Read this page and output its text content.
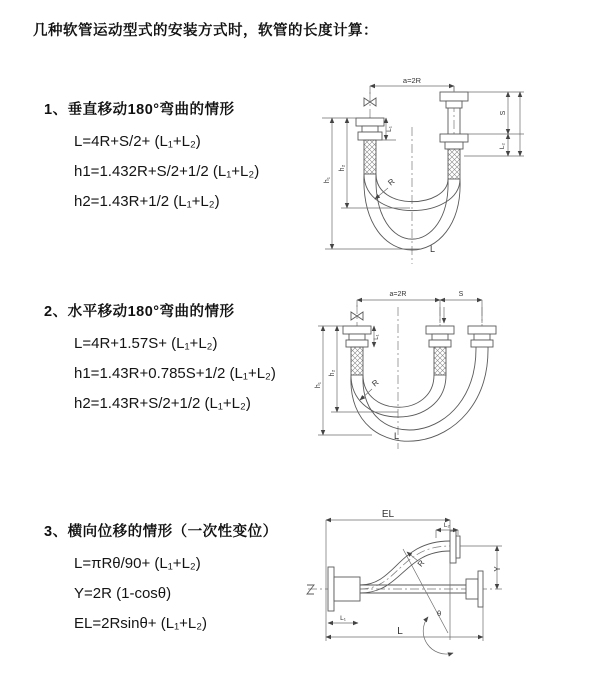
几种软管运动型式的安装方式时，软管的长度计算：
1、垂直移动180°弯曲的情形
L=4R+S/2+ (L₁+L₂)
h1=1.432R+S/2+1/2 (L₁+L₂)
h2=1.43R+1/2 (L₁+L₂)
2、水平移动180°弯曲的情形
L=4R+1.57S+ (L₁+L₂)
h1=1.43R+0.785S+1/2 (L₁+L₂)
h2=1.43R+S/2+1/2 (L₁+L₂)
3、横向位移的情形（一次性变位）
L=πRθ/90+ (L₁+L₂)
Y=2R (1-cosθ)
EL=2Rsinθ+ (L₁+L₂)
a=2R
h₁
h₂
L₁
S
L₂
R
L
a=2R	S
h₁
h₂
L₁
R
L
EL
L₂
Y
θ
R
L₁
L
